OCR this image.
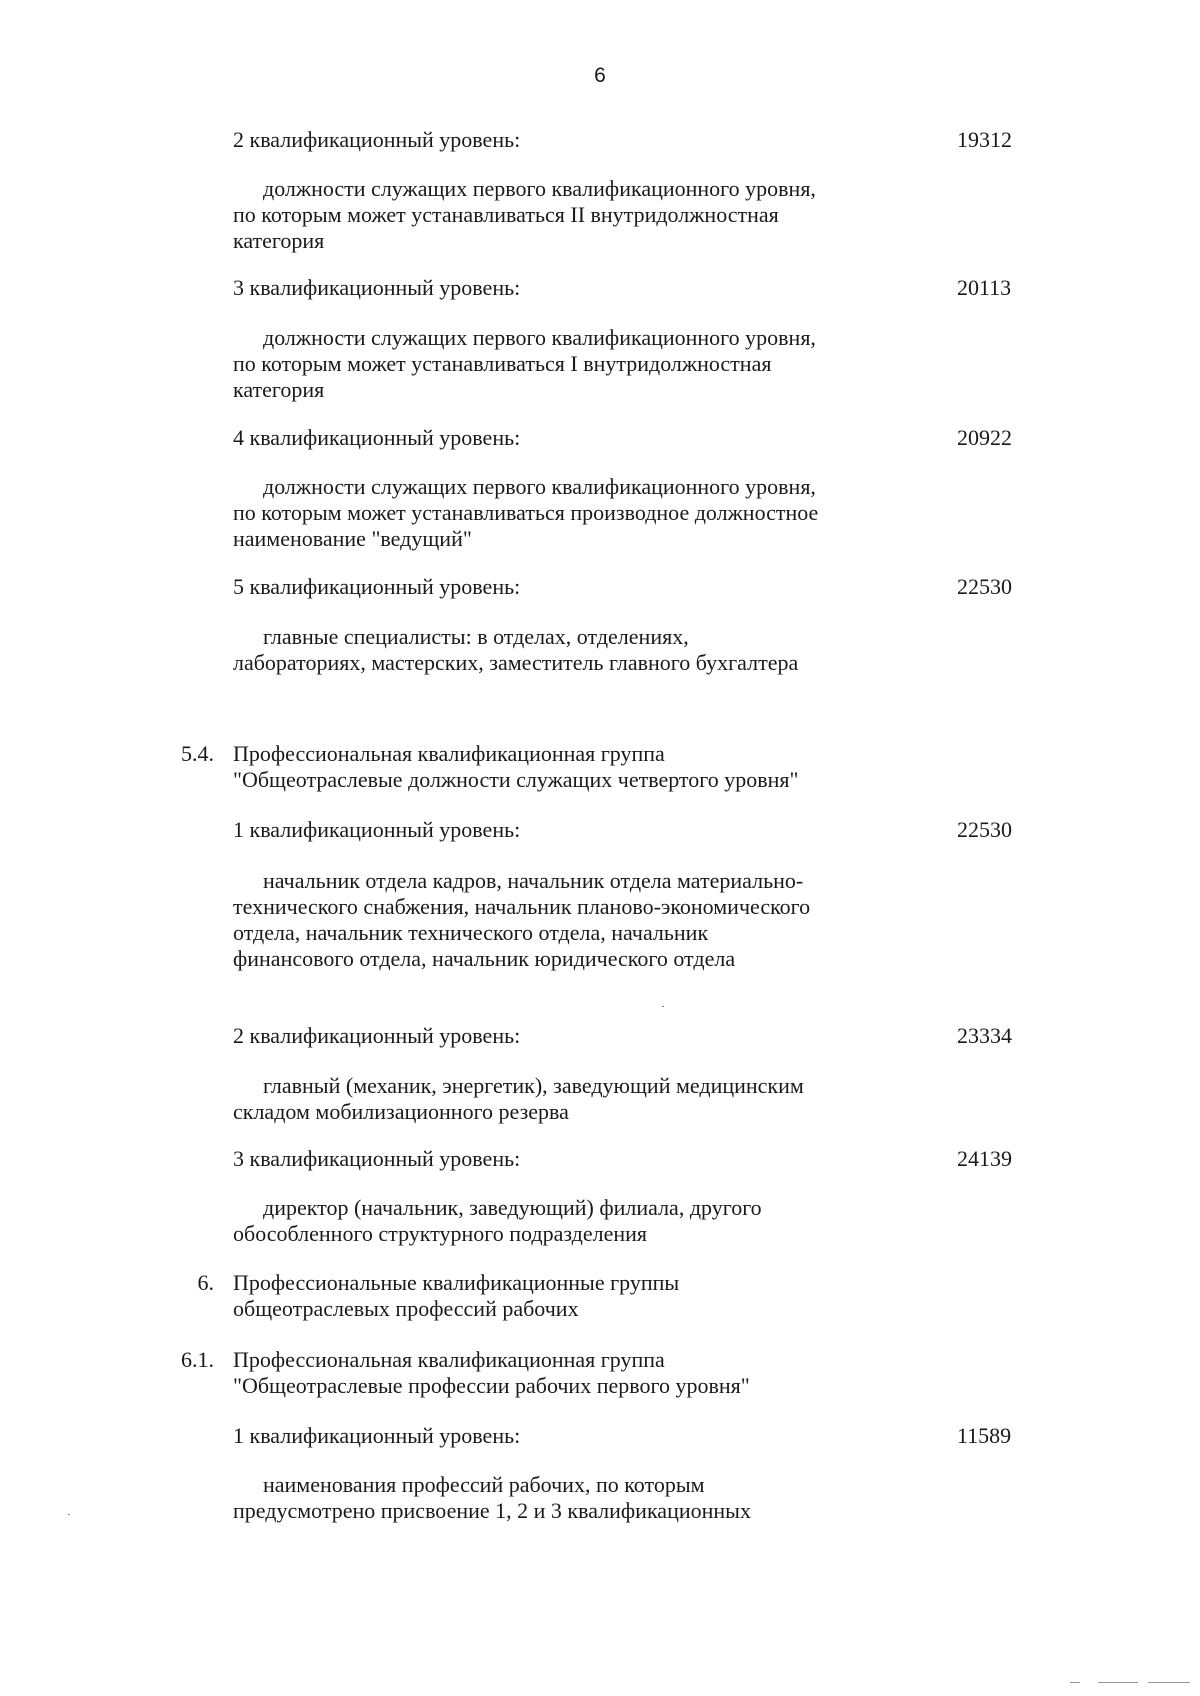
6
2 квалификационный уровень:	19312
должности служащих первого квалификационного уровня,
по которым может устанавливаться II внутридолжностная
категория
3 квалификационный уровень:	20113
должности служащих первого квалификационного уровня,
по которым может устанавливаться I внутридолжностная
категория
4 квалификационный уровень:	20922
должности служащих первого квалификационного уровня,
по которым может устанавливаться производное должностное
наименование "ведущий"
5 квалификационный уровень:	22530
главные специалисты: в отделах, отделениях,
лабораториях, мастерских, заместитель главного бухгалтера
5.4. Профессиональная квалификационная группа
"Общеотраслевые должности служащих четвертого уровня"
1 квалификационный уровень:	22530
начальник отдела кадров, начальник отдела материально-
технического снабжения, начальник планово-экономического
отдела, начальник технического отдела, начальник
финансового отдела, начальник юридического отдела
2 квалификационный уровень:	23334
главный (механик, энергетик), заведующий медицинским
складом мобилизационного резерва
3 квалификационный уровень:	24139
директор (начальник, заведующий) филиала, другого
обособленного структурного подразделения
6. Профессиональные квалификационные группы
общеотраслевых профессий рабочих
6.1. Профессиональная квалификационная группа
"Общеотраслевые профессии рабочих первого уровня"
1 квалификационный уровень:	11589
наименования профессий рабочих, по которым
предусмотрено присвоение 1, 2 и 3 квалификационных
